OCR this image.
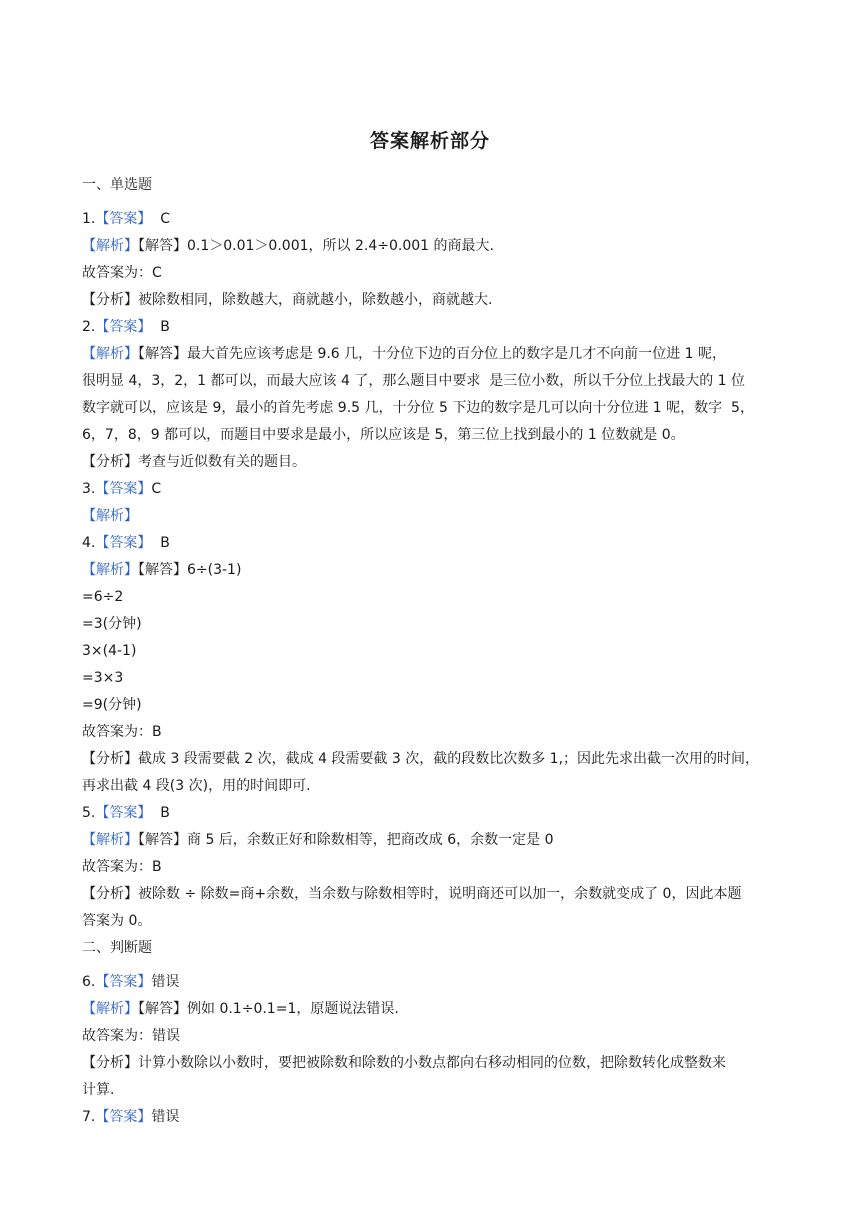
答案解析部分
一、单选题
1.【答案】  C
【解析】【解答】0.1＞0.01＞0.001，所以 2.4÷0.001 的商最大.
故答案为：C
【分析】被除数相同，除数越大，商就越小，除数越小，商就越大.
2.【答案】  B
【解析】【解答】最大首先应该考虑是 9.6 几，十分位下边的百分位上的数字是几才不向前一位进 1 呢，
很明显 4，3，2，1 都可以，而最大应该 4 了，那么题目中要求  是三位小数，所以千分位上找最大的 1 位
数字就可以，应该是 9，最小的首先考虑 9.5 几，十分位 5 下边的数字是几可以向十分位进 1 呢，数字  5，
6，7，8，9 都可以，而题目中要求是最小，所以应该是 5，第三位上找到最小的 1 位数就是 0。
【分析】考查与近似数有关的题目。
3.【答案】C
【解析】
4.【答案】  B
【解析】【解答】6÷(3-1)
=6÷2
=3(分钟)
3×(4-1)
=3×3
=9(分钟)
故答案为：B
【分析】截成 3 段需要截 2 次，截成 4 段需要截 3 次，截的段数比次数多 1,；因此先求出截一次用的时间，
再求出截 4 段(3 次)，用的时间即可.
5.【答案】  B
【解析】【解答】商 5 后，余数正好和除数相等，把商改成 6，余数一定是 0
故答案为：B
【分析】被除数 ÷ 除数=商+余数，当余数与除数相等时，说明商还可以加一，余数就变成了 0，因此本题
答案为 0。
二、判断题
6.【答案】错误
【解析】【解答】例如 0.1÷0.1=1，原题说法错误.
故答案为：错误
【分析】计算小数除以小数时，要把被除数和除数的小数点都向右移动相同的位数，把除数转化成整数来
计算.
7.【答案】错误
